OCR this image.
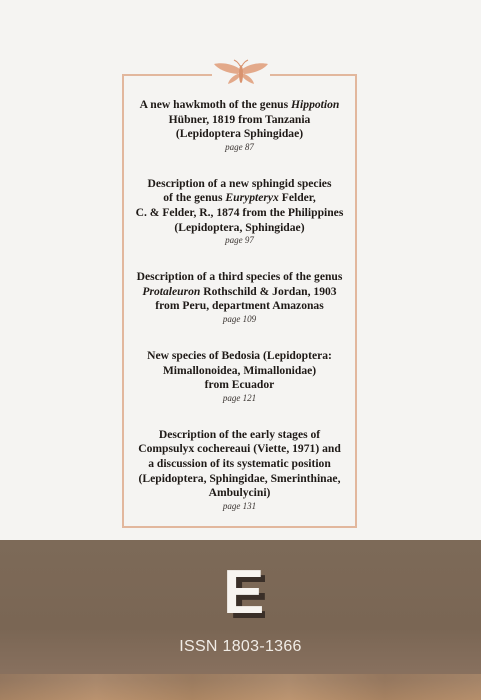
A new hawkmoth of the genus Hippotion
Hübner, 1819 from Tanzania
(Lepidoptera Sphingidae)
page 87
Description of a new sphingid species
of the genus Eurypteryx Felder,
C. & Felder, R., 1874 from the Philippines
(Lepidoptera, Sphingidae)
page 97
Description of a third species of the genus
Protaleuron Rothschild & Jordan, 1903
from Peru, department Amazonas
page 109
New species of Bedosia (Lepidoptera:
Mimallonoidea, Mimallonidae)
from Ecuador
page 121
Description of the early stages of
Compsulyx cochereaui (Viette, 1971) and
a discussion of its systematic position
(Lepidoptera, Sphingidae, Smerinthinae,
Ambulycini)
page 131
E
E
ISSN 1803-1366
